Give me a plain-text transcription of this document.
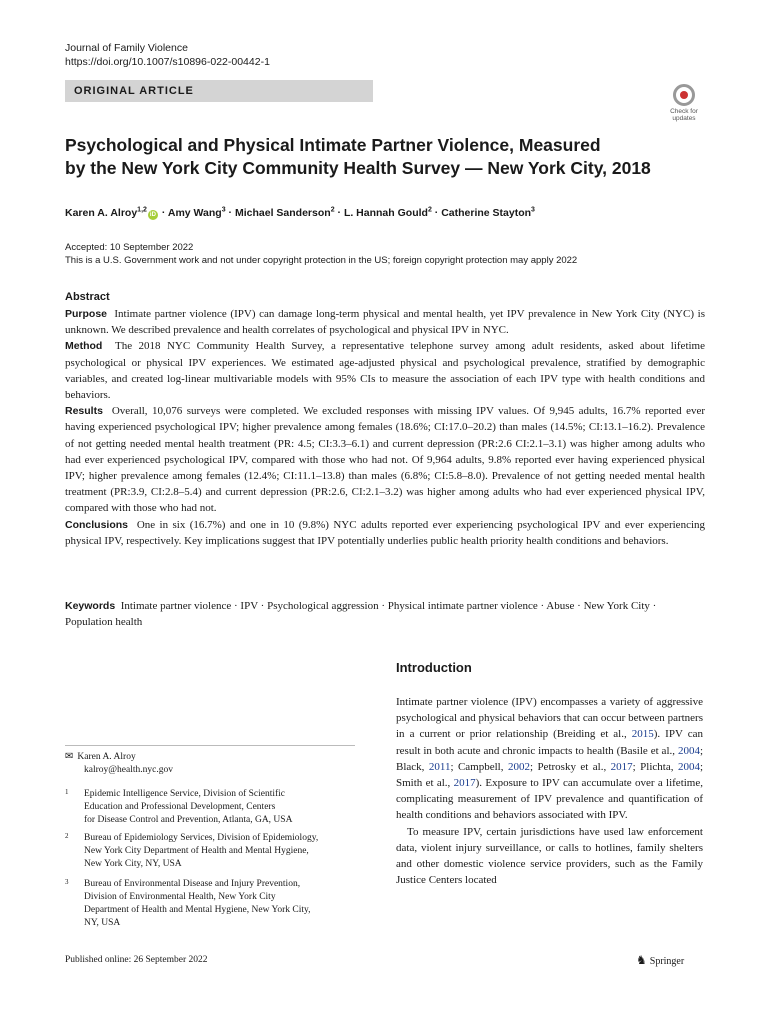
Journal of Family Violence
https://doi.org/10.1007/s10896-022-00442-1
ORIGINAL ARTICLE
Check for
updates
Psychological and Physical Intimate Partner Violence, Measured
by the New York City Community Health Survey — New York City, 2018
Karen A. Alroy$^{1,2}$iD · Amy Wang$^3$ · Michael Sanderson$^2$ · L. Hannah Gould$^2$ · Catherine Stayton$^3$
Accepted: 10 September 2022
This is a U.S. Government work and not under copyright protection in the US; foreign copyright protection may apply 2022
Abstract

Purpose Intimate partner violence (IPV) can damage long-term physical and mental health, yet IPV prevalence in New York City (NYC) is unknown. We described prevalence and health correlates of psychological and physical IPV in NYC.

Method The 2018 NYC Community Health Survey, a representative telephone survey among adult residents, asked about lifetime psychological or physical IPV experiences. We estimated age-adjusted physical and psychological prevalence, stratified by demographic variables, and created log-linear multivariable models with 95% CIs to measure the association of each IPV type with health conditions and behaviors.

Results Overall, 10,076 surveys were completed. We excluded responses with missing IPV values. Of 9,945 adults, 16.7% reported ever having experienced psychological IPV; higher prevalence among females (18.6%; CI:17.0–20.2) than males (14.5%; CI:13.1–16.2). Prevalence of not getting needed mental health treatment (PR: 4.5; CI:3.3–6.1) and current depression (PR:2.6 CI:2.1–3.1) was higher among adults who had ever experienced psychological IPV, compared with those who had not. Of 9,964 adults, 9.8% reported ever having experienced physical IPV; higher prevalence among females (12.4%; CI:11.1–13.8) than males (6.8%; CI:5.8–8.0). Prevalence of not getting needed mental health treatment (PR:3.9, CI:2.8–5.4) and current depression (PR:2.6, CI:2.1–3.2) was higher among adults who had ever experienced physical IPV, compared with those who had not.

Conclusions One in six (16.7%) and one in 10 (9.8%) NYC adults reported ever experiencing psychological IPV and ever experiencing physical IPV, respectively. Key implications suggest that IPV potentially underlies public health priority health conditions and behaviors.

Keywords Intimate partner violence · IPV · Psychological aggression · Physical intimate partner violence · Abuse · New York City · Population health
Introduction

Intimate partner violence (IPV) encompasses a variety of aggressive psychological and physical behaviors that can occur between partners in a current or prior relationship (Breiding et al., 2015). IPV can result in both acute and chronic impacts to health (Basile et al., 2004; Black, 2011; Campbell, 2002; Petrosky et al., 2017; Plichta, 2004; Smith et al., 2017). Exposure to IPV can accumulate over a lifetime, complicating measurement of IPV prevalence and quantification of health conditions and behaviors associated with IPV.

To measure IPV, certain jurisdictions have used law enforcement data, violent injury surveillance, or calls to hotlines, family shelters and other domestic violence service providers, such as the Family Justice Centers located

✉ Karen A. Alroy
kalroy@health.nyc.gov
1 Epidemic Intelligence Service, Division of Scientific
Education and Professional Development, Centers
for Disease Control and Prevention, Atlanta, GA, USA
2 Bureau of Epidemiology Services, Division of Epidemiology,
New York City Department of Health and Mental Hygiene,
New York City, NY, USA
3 Bureau of Environmental Disease and Injury Prevention,
Division of Environmental Health, New York City
Department of Health and Mental Hygiene, New York City,
NY, USA
Published online: 26 September 2022	♞ Springer
